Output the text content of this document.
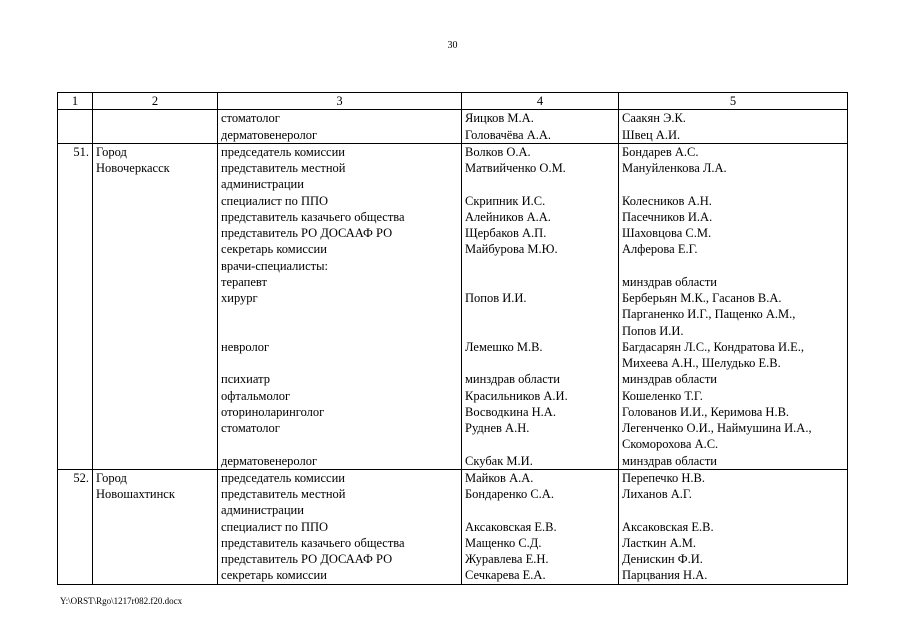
30
1	2	3	4	5
		стоматолог	Яицков М.А.	Саакян Э.К.
		дерматовенеролог	Головачёва А.А.	Швец А.И.
51.	Город	председатель комиссии	Волков О.А.	Бондарев А.С.
	Новочеркасск	представитель местной	Матвийченко О.М.	Мануйленкова Л.А.
		администрации		
		специалист по ППО	Скрипник И.С.	Колесников А.Н.
		представитель казачьего общества	Алейников А.А.	Пасечников И.А.
		представитель РО ДОСААФ РО	Щербаков А.П.	Шаховцова С.М.
		секретарь комиссии	Майбурова М.Ю.	Алферова Е.Г.
		врачи-специалисты:		
		терапевт		минздрав области
		хирург	Попов И.И.	Берберьян М.К., Гасанов В.А.
				Парганенко И.Г., Пащенко А.М.,
				Попов И.И.
		невролог	Лемешко М.В.	Багдасарян Л.С., Кондратова И.Е.,
				Михеева А.Н., Шелудько Е.В.
		психиатр	минздрав области	минздрав области
		офтальмолог	Красильников А.И.	Кошеленко Т.Г.
		оториноларинголог	Восводкина Н.А.	Голованов И.И., Керимова Н.В.
		стоматолог	Руднев А.Н.	Легенченко О.И., Наймушина И.А.,
				Скоморохова А.С.
		дерматовенеролог	Скубак М.И.	минздрав области
52.	Город	председатель комиссии	Майков А.А.	Перепечко Н.В.
	Новошахтинск	представитель местной	Бондаренко С.А.	Лиханов А.Г.
		администрации		
		специалист по ППО	Аксаковская Е.В.	Аксаковская Е.В.
		представитель казачьего общества	Мащенко С.Д.	Ласткин А.М.
		представитель РО ДОСААФ РО	Журавлева Е.Н.	Денискин Ф.И.
		секретарь комиссии	Сечкарева Е.А.	Парцвания Н.А.
Y:\ORST\Rgo\1217r082.f20.docx
